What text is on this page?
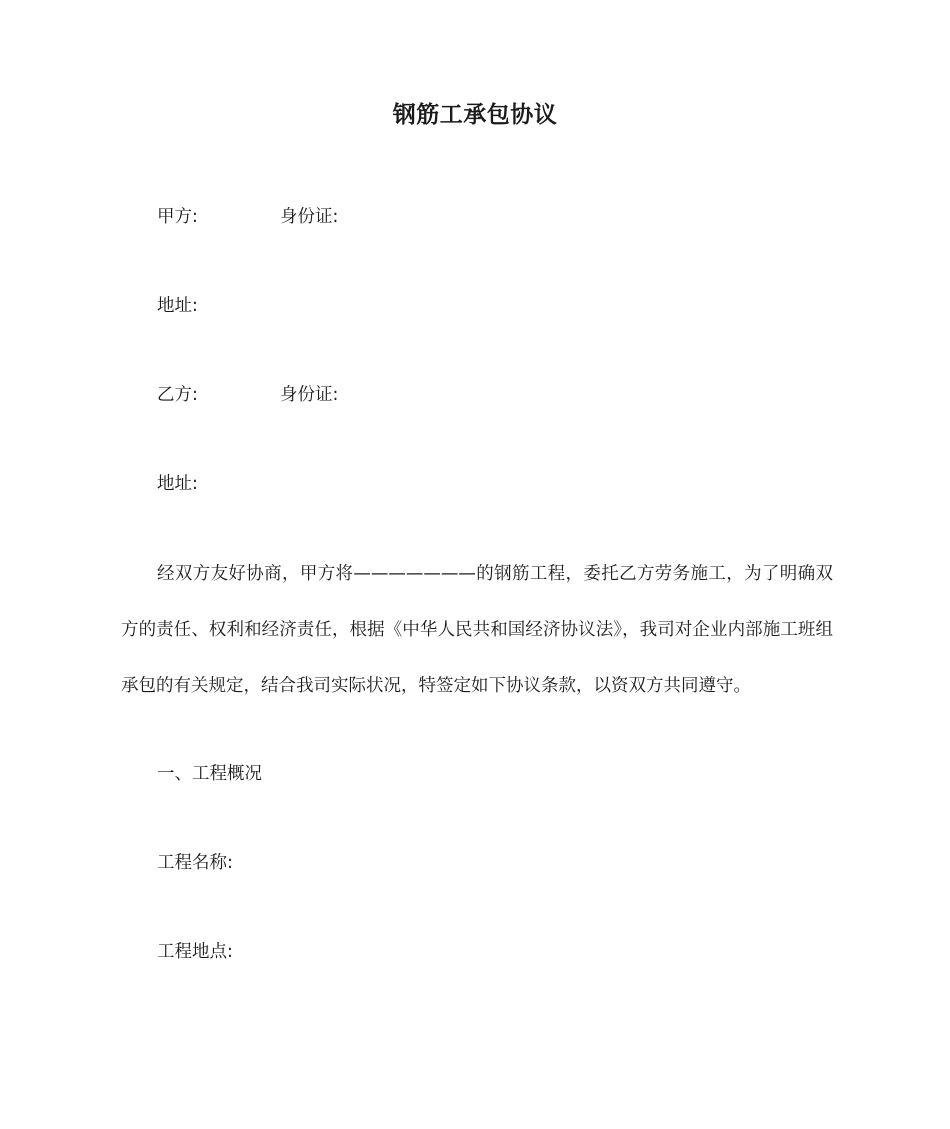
钢筋工承包协议
甲方:	身份证:
地址:
乙方:	身份证:
地址:
经双方友好协商，甲方将———————的钢筋工程，委托乙方劳务施工，为了明确双方的责任、权利和经济责任，根据《中华人民共和国经济协议法》，我司对企业内部施工班组承包的有关规定，结合我司实际状况，特签定如下协议条款，以资双方共同遵守。
一、工程概况
工程名称:
工程地点:
